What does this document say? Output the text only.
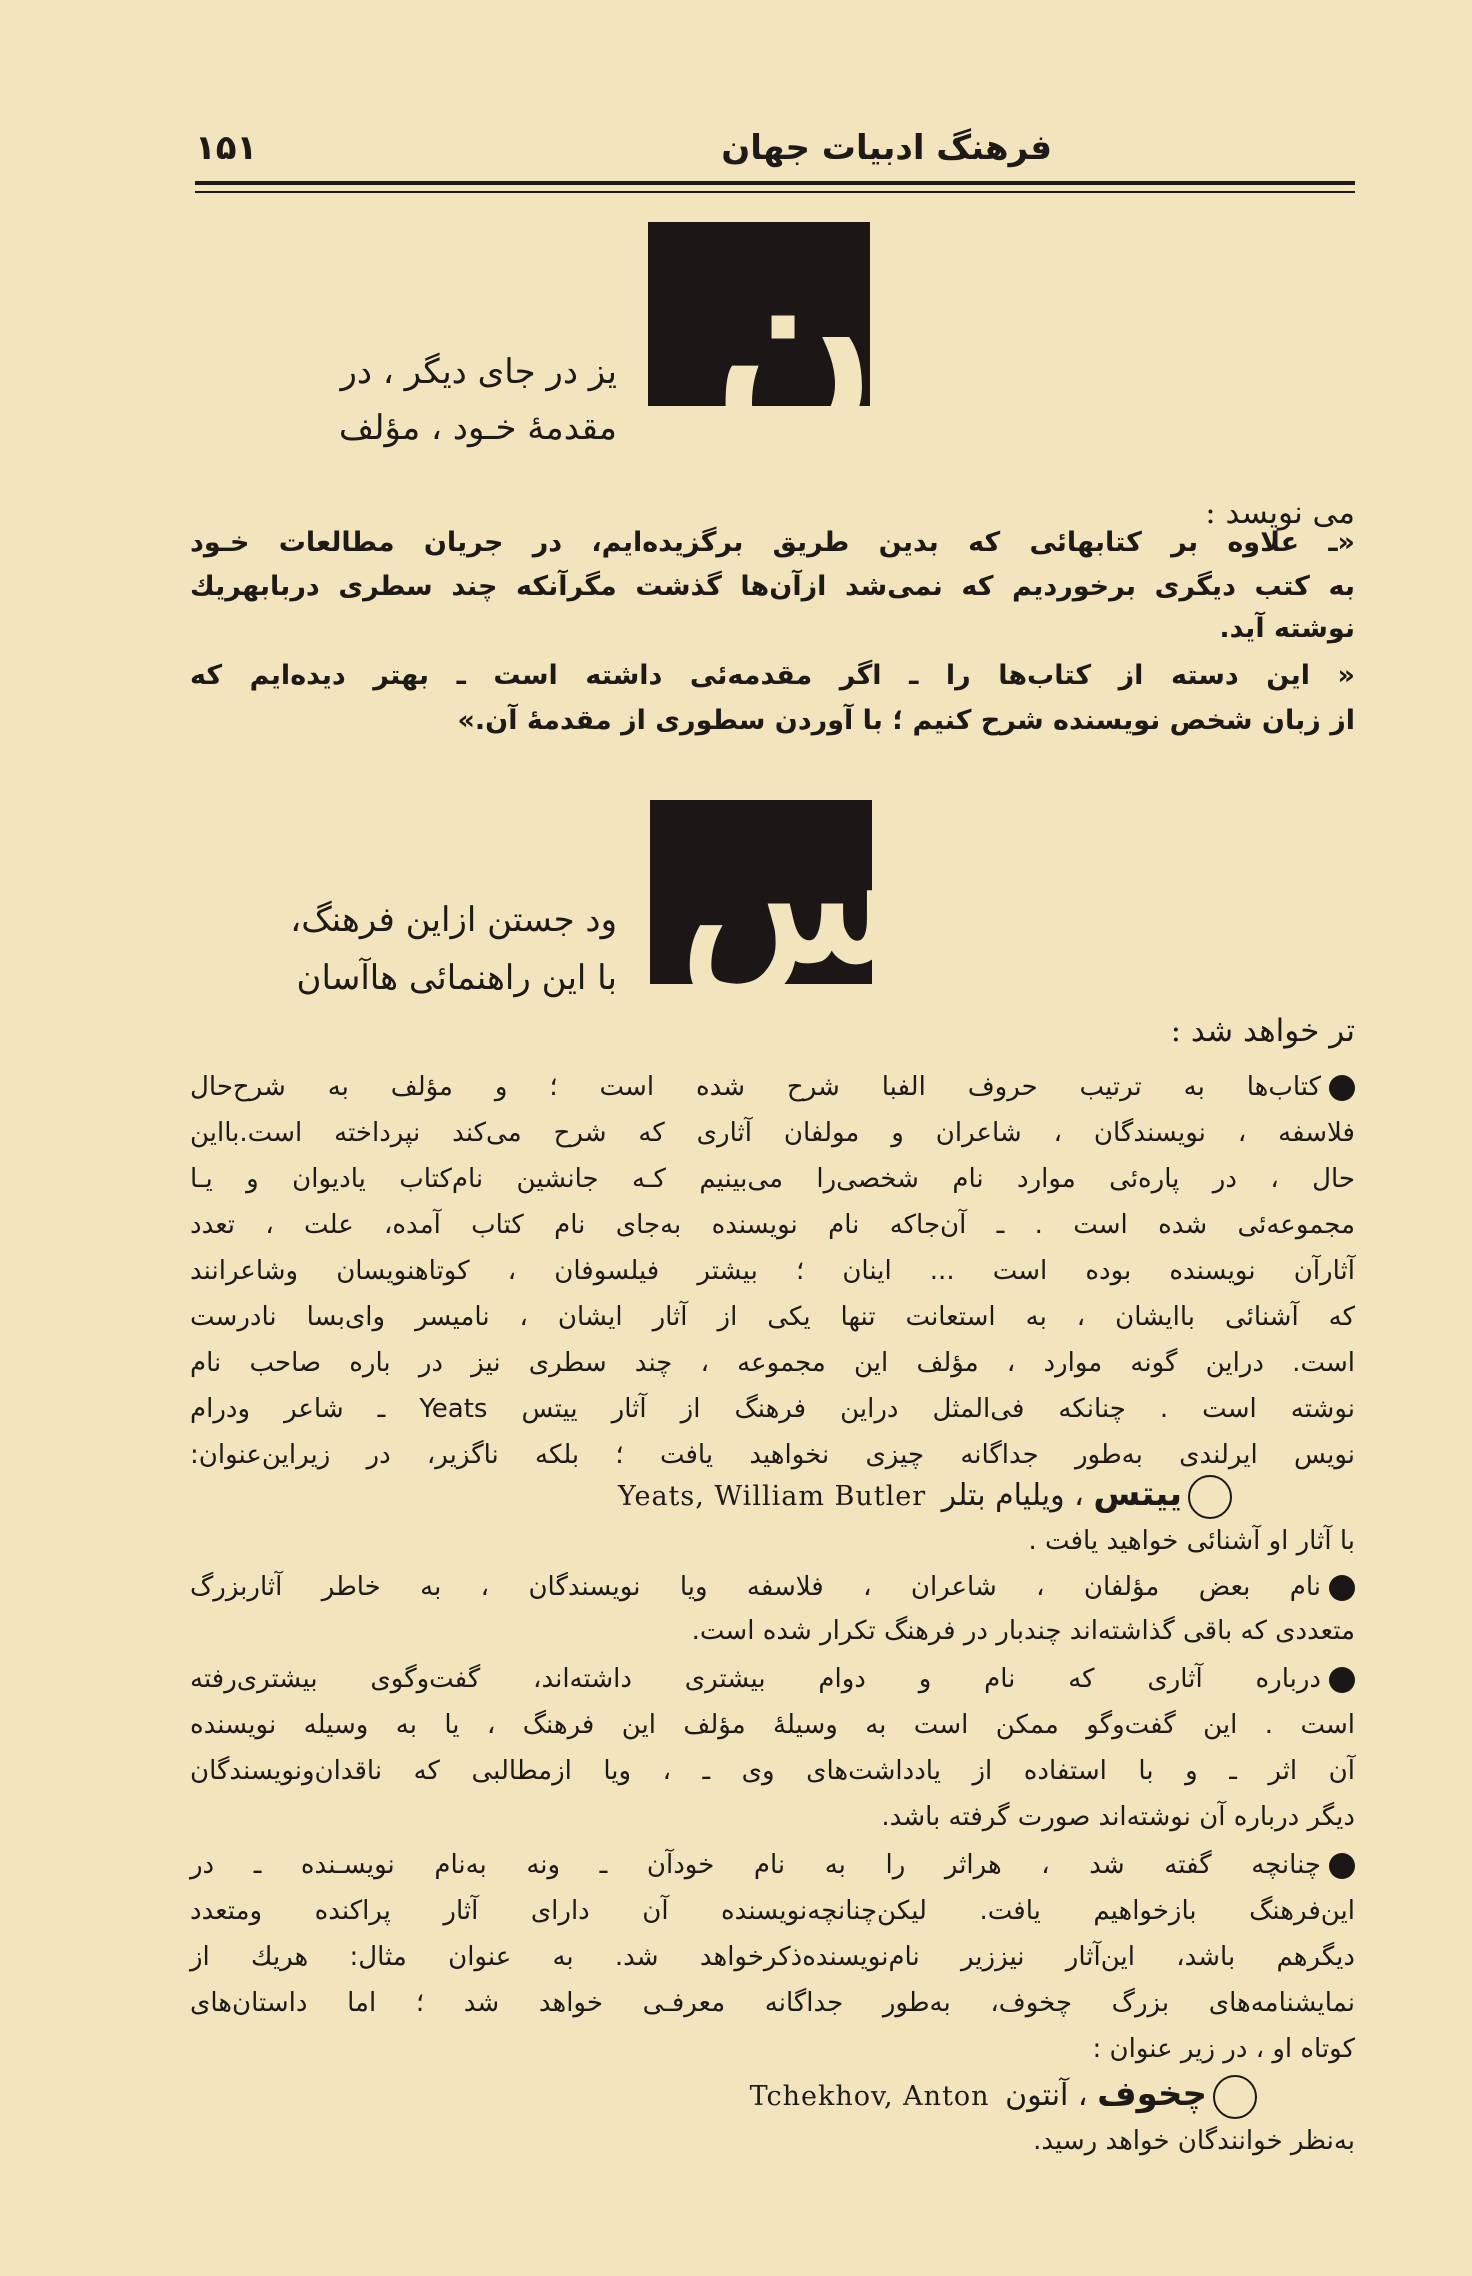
فرهنگ ادبیات جهان
۱۵۱
ن
یز در جای دیگر ، در
مقدمهٔ خـود ، مؤلف
می نویسد :
«ـ علاوه بر کتابهائی که بدین طریق برگزیده‌ایم، در جریان مطالعات خـود
به کتب دیگری برخوردیم که نمی‌شد ازآن‌ها گذشت مگرآنکه چند سطری دربابهریك
نوشته آید.
« این دسته از کتاب‌ها را ـ اگر مقدمه‌ئی داشته است ـ بهتر دیده‌ایم که
از زبان شخص نویسنده شرح کنیم ؛ با آوردن سطوری از مقدمهٔ آن.»
س
ود جستن ازاین فرهنگ،
با این راهنمائی هاآسان
تر خواهد شد :
کتاب‌ها به ترتیب حروف الفبا شرح شده است ؛ و مؤلف به شرح‌حال
فلاسفه ، نویسندگان ، شاعران و مولفان آثاری که شرح می‌کند نپرداخته است.بااین
حال ، در پاره‌ئی موارد نام شخصی‌را می‌بینیم کـه جانشین نام‌کتاب یادیوان و یـا
مجموعه‌ئی شده است . ـ آن‌جاکه نام نویسنده به‌جای نام کتاب آمده، علت ، تعدد
آثارآن نویسنده بوده است ... اینان ؛ بیشتر فیلسوفان ، کوتاهنویسان وشاعرانند
که آشنائی باایشان ، به استعانت تنها یکی از آثار ایشان ، نامیسر وای‌بسا نادرست
است. دراین گونه موارد ، مؤلف این مجموعه ، چند سطری نیز در باره صاحب نام
نوشته است . چنانکه فی‌المثل دراین فرهنگ از آثار ییتس Yeats ـ شاعر ودرام
نویس ایرلندی به‌طور جداگانه چیزی نخواهید یافت ؛ بلکه ناگزیر، در زیراین‌عنوان:
ییتس ، ویلیام بتلر Yeats, William Butler
با آثار او آشنائی خواهید یافت .
نام بعض مؤلفان ، شاعران ، فلاسفه ویا نویسندگان ، به خاطر آثاربزرگ
متعددی که باقی گذاشته‌اند چندبار در فرهنگ تکرار شده است.
درباره آثاری که نام و دوام بیشتری داشته‌اند، گفت‌وگوی بیشتری‌رفته
است . این گفت‌وگو ممکن است به وسیلهٔ مؤلف این فرهنگ ، یا به وسیله نویسنده
آن اثر ـ و با استفاده از یادداشت‌های وی ـ ، ویا ازمطالبی که ناقدان‌ونویسندگان
دیگر درباره آن نوشته‌اند صورت گرفته باشد.
چنانچه گفته شد ، هراثر را به نام خودآن ـ ونه به‌نام نویسـنده ـ در
این‌فرهنگ بازخواهیم یافت. لیکن‌چنانچه‌نویسنده آن دارای آثار پراکنده ومتعدد
دیگرهم باشد، این‌آثار نیززیر نام‌نویسنده‌ذکرخواهد شد. به عنوان مثال: هریك از
نمایشنامه‌های بزرگ چخوف، به‌طور جداگانه معرفـی خواهد شد ؛ اما داستان‌های
کوتاه او ، در زیر عنوان :
چخوف ، آنتون Tchekhov, Anton
به‌نظر خوانندگان خواهد رسید.
